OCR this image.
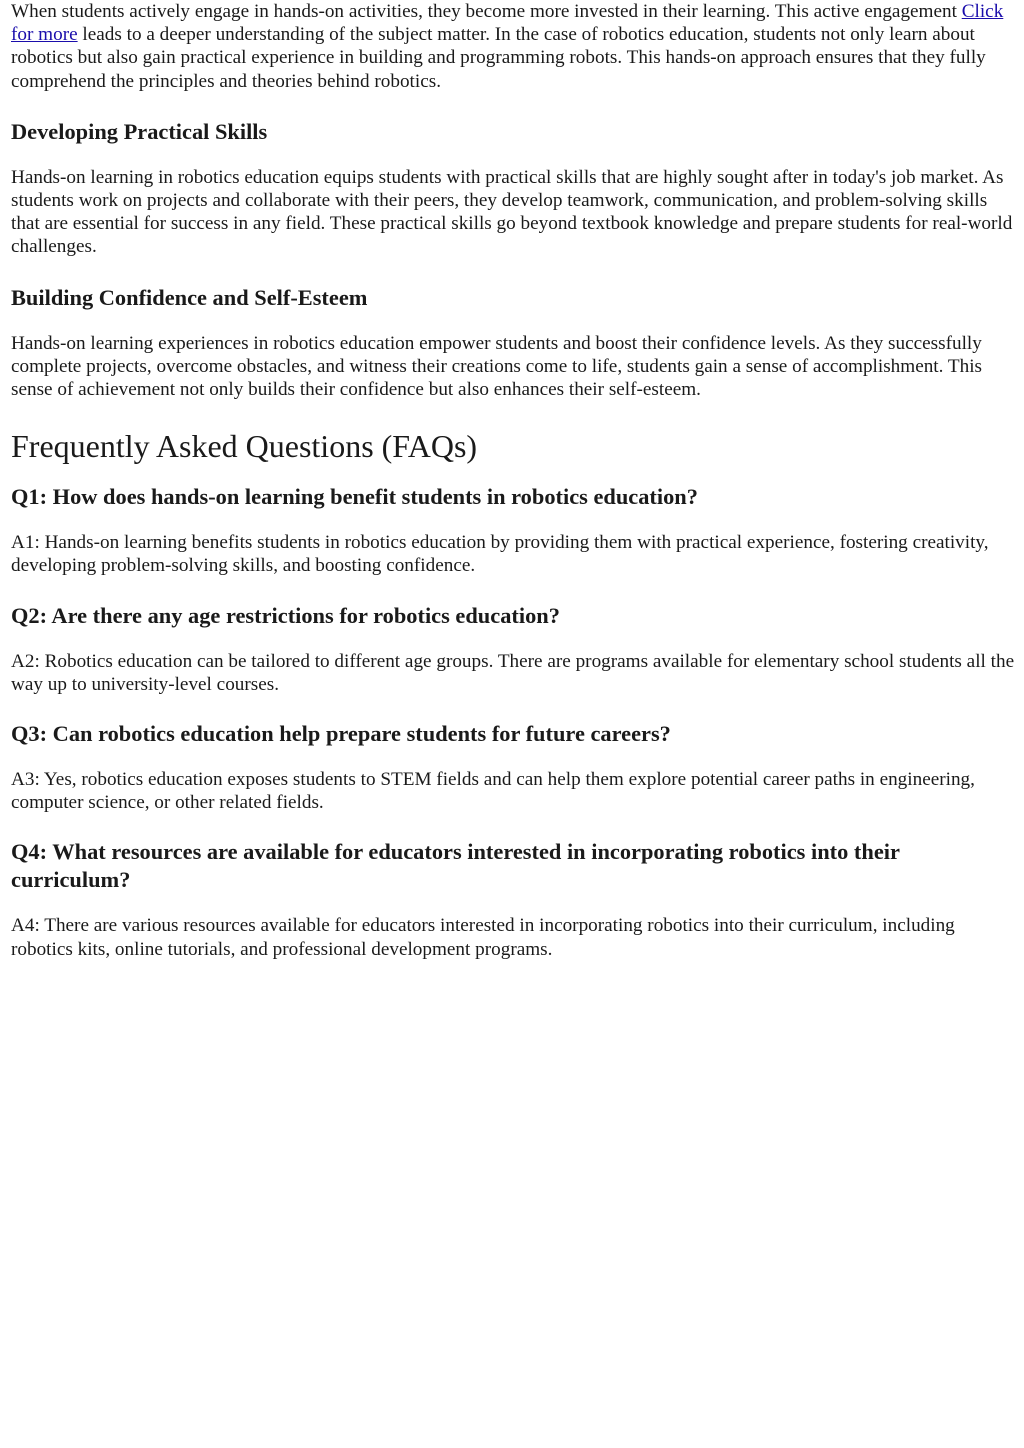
When students actively engage in hands-on activities, they become more invested in their learning. This active engagement Click for more leads to a deeper understanding of the subject matter. In the case of robotics education, students not only learn about robotics but also gain practical experience in building and programming robots. This hands-on approach ensures that they fully comprehend the principles and theories behind robotics.

Developing Practical Skills

Hands-on learning in robotics education equips students with practical skills that are highly sought after in today's job market. As students work on projects and collaborate with their peers, they develop teamwork, communication, and problem-solving skills that are essential for success in any field. These practical skills go beyond textbook knowledge and prepare students for real-world challenges.

Building Confidence and Self-Esteem

Hands-on learning experiences in robotics education empower students and boost their confidence levels. As they successfully complete projects, overcome obstacles, and witness their creations come to life, students gain a sense of accomplishment. This sense of achievement not only builds their confidence but also enhances their self-esteem.

Frequently Asked Questions (FAQs)
Q1: How does hands-on learning benefit students in robotics education?

A1: Hands-on learning benefits students in robotics education by providing them with practical experience, fostering creativity, developing problem-solving skills, and boosting confidence.

Q2: Are there any age restrictions for robotics education?

A2: Robotics education can be tailored to different age groups. There are programs available for elementary school students all the way up to university-level courses.

Q3: Can robotics education help prepare students for future careers?

A3: Yes, robotics education exposes students to STEM fields and can help them explore potential career paths in engineering, computer science, or other related fields.

Q4: What resources are available for educators interested in incorporating robotics into their curriculum?

A4: There are various resources available for educators interested in incorporating robotics into their curriculum, including robotics kits, online tutorials, and professional development programs.
